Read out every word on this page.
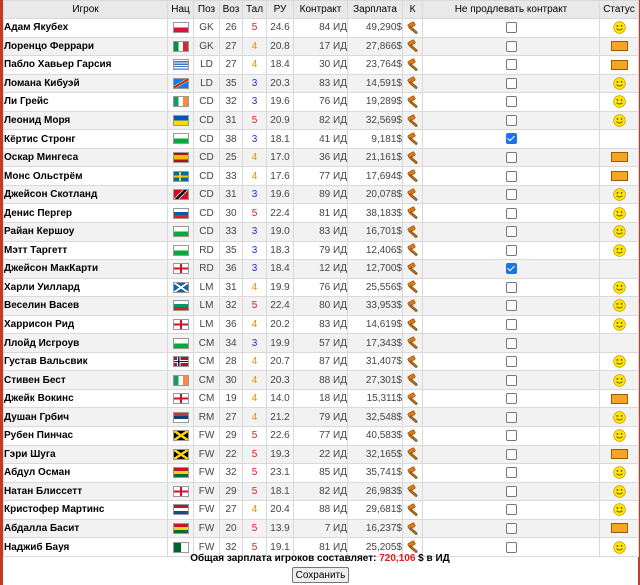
Игрок	Нац	Поз	Воз	Тал	РУ	Контракт	Зарплата	К	Не продлевать контракт	Статус
Адам Якубех		GK	26	5	24.6	84 ИД	49,290$			
Лоренцо Феррари		GK	27	4	20.8	17 ИД	27,866$			
Пабло Хавьер Гарсия		LD	27	4	18.4	30 ИД	23,764$			
Ломана Кибуэй		LD	35	3	20.3	83 ИД	14,591$			
Ли Грейс		CD	32	3	19.6	76 ИД	19,289$			
Леонид Моря		CD	31	5	20.9	82 ИД	32,569$			
Кёртис Стронг		CD	38	3	18.1	41 ИД	9,181$			
Оскар Мингеса		CD	25	4	17.0	36 ИД	21,161$			
Монс Ольстрём		CD	33	4	17.6	77 ИД	17,694$			
Джейсон Скотланд		CD	31	3	19.6	89 ИД	20,078$			
Денис Пергер		CD	30	5	22.4	81 ИД	38,183$			
Райан Кершоу		CD	33	3	19.0	83 ИД	16,701$			
Мэтт Таргетт		RD	35	3	18.3	79 ИД	12,406$			
Джейсон МакКарти		RD	36	3	18.4	12 ИД	12,700$			
Харли Уиллард		LM	31	4	19.9	76 ИД	25,556$			
Веселин Васев		LM	32	5	22.4	80 ИД	33,953$			
Харрисон Рид		LM	36	4	20.2	83 ИД	14,619$			
Ллойд Исгроув		CM	34	3	19.9	57 ИД	17,343$			
Густав Вальсвик		CM	28	4	20.7	87 ИД	31,407$			
Стивен Бест		CM	30	4	20.3	88 ИД	27,301$			
Джейк Вокинс		CM	19	4	14.0	18 ИД	15,311$			
Душан Грбич		RM	27	4	21.2	79 ИД	32,548$			
Рубен Пинчас		FW	29	5	22.6	77 ИД	40,583$			
Гэри Шуга		FW	22	5	19.3	22 ИД	32,165$			
Абдул Осман		FW	32	5	23.1	85 ИД	35,741$			
Натан Блиссетт		FW	29	5	18.1	82 ИД	26,983$			
Кристофер Мартинс		FW	27	4	20.4	88 ИД	29,681$			
Абдалла Басит		FW	20	5	13.9	7 ИД	16,237$			
Наджиб Бауя		FW	32	5	19.1	81 ИД	25,205$			
Общая зарплата игроков составляет: 720,106 $ в ИД
Сохранить
